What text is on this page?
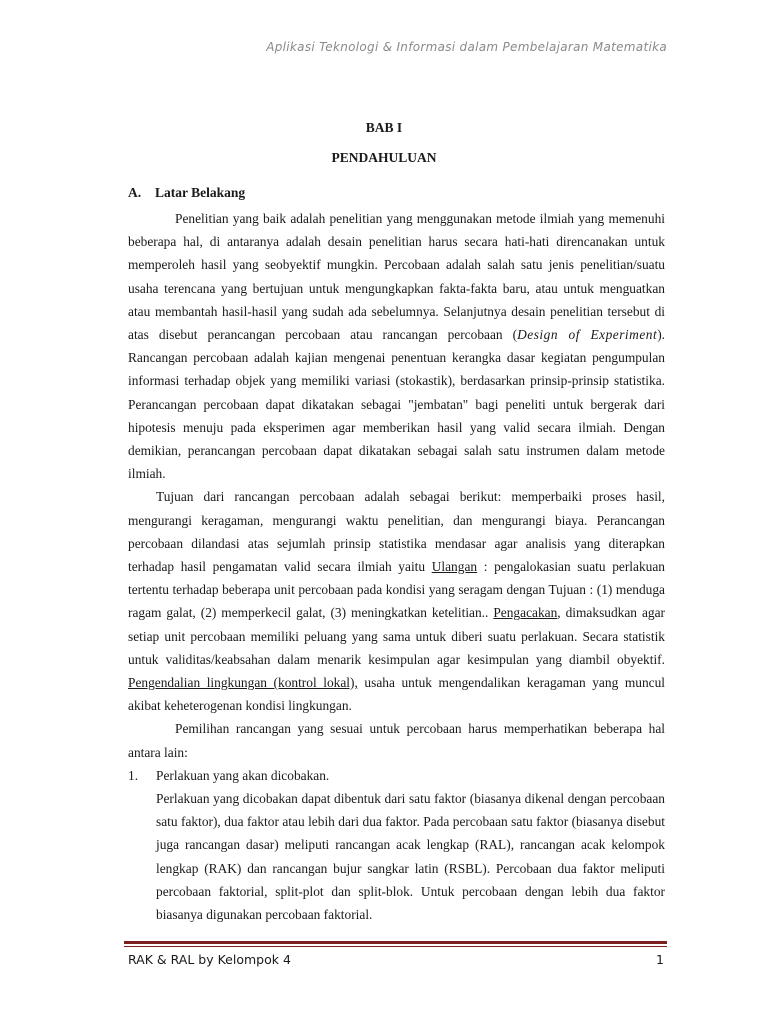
Aplikasi Teknologi & Informasi dalam Pembelajaran Matematika
BAB I
PENDAHULUAN
A. Latar Belakang

Penelitian yang baik adalah penelitian yang menggunakan metode ilmiah yang memenuhi beberapa hal, di antaranya adalah desain penelitian harus secara hati-hati direncanakan untuk memperoleh hasil yang seobyektif mungkin. Percobaan adalah salah satu jenis penelitian/suatu usaha terencana yang bertujuan untuk mengungkapkan fakta-fakta baru, atau untuk menguatkan atau membantah hasil-hasil yang sudah ada sebelumnya. Selanjutnya desain penelitian tersebut di atas disebut perancangan percobaan atau rancangan percobaan (Design of Experiment). Rancangan percobaan adalah kajian mengenai penentuan kerangka dasar kegiatan pengumpulan informasi terhadap objek yang memiliki variasi (stokastik), berdasarkan prinsip-prinsip statistika. Perancangan percobaan dapat dikatakan sebagai "jembatan" bagi peneliti untuk bergerak dari hipotesis menuju pada eksperimen agar memberikan hasil yang valid secara ilmiah. Dengan demikian, perancangan percobaan dapat dikatakan sebagai salah satu instrumen dalam metode ilmiah.

Tujuan dari rancangan percobaan adalah sebagai berikut: memperbaiki proses hasil, mengurangi keragaman, mengurangi waktu penelitian, dan mengurangi biaya. Perancangan percobaan dilandasi atas sejumlah prinsip statistika mendasar agar analisis yang diterapkan terhadap hasil pengamatan valid secara ilmiah yaitu Ulangan : pengalokasian suatu perlakuan tertentu terhadap beberapa unit percobaan pada kondisi yang seragam dengan Tujuan : (1) menduga ragam galat, (2) memperkecil galat, (3) meningkatkan ketelitian.. Pengacakan, dimaksudkan agar setiap unit percobaan memiliki peluang yang sama untuk diberi suatu perlakuan. Secara statistik untuk validitas/keabsahan dalam menarik kesimpulan agar kesimpulan yang diambil obyektif. Pengendalian lingkungan (kontrol lokal), usaha untuk mengendalikan keragaman yang muncul akibat keheterogenan kondisi lingkungan.

Pemilihan rancangan yang sesuai untuk percobaan harus memperhatikan beberapa hal antara lain:

1. Perlakuan yang akan dicobakan.
Perlakuan yang dicobakan dapat dibentuk dari satu faktor (biasanya dikenal dengan percobaan satu faktor), dua faktor atau lebih dari dua faktor. Pada percobaan satu faktor (biasanya disebut juga rancangan dasar) meliputi rancangan acak lengkap (RAL), rancangan acak kelompok lengkap (RAK) dan rancangan bujur sangkar latin (RSBL). Percobaan dua faktor meliputi percobaan faktorial, split-plot dan split-blok. Untuk percobaan dengan lebih dua faktor biasanya digunakan percobaan faktorial.
RAK & RAL by Kelompok 4	1
